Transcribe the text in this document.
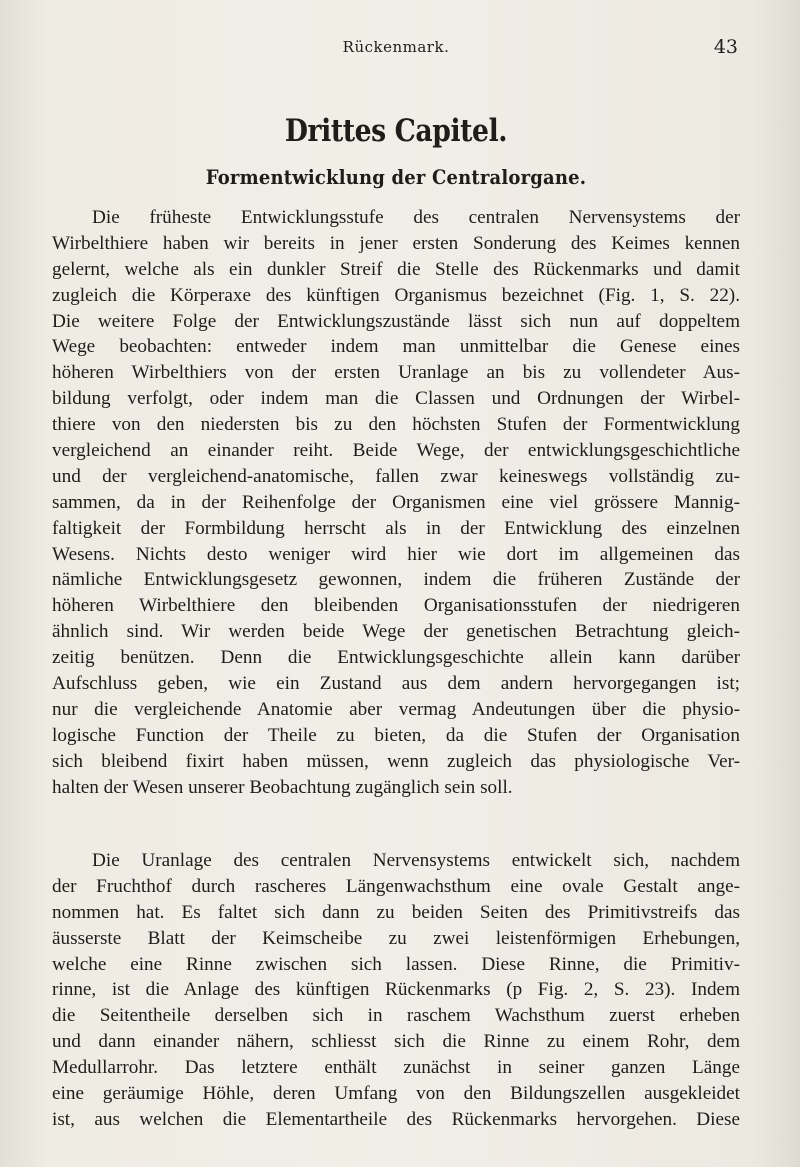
Rückenmark.	43
Drittes Capitel.
Formentwicklung der Centralorgane.
Die früheste Entwicklungsstufe des centralen Nervensystems der
Wirbelthiere haben wir bereits in jener ersten Sonderung des Keimes kennen
gelernt, welche als ein dunkler Streif die Stelle des Rückenmarks und damit
zugleich die Körperaxe des künftigen Organismus bezeichnet (Fig. 1, S. 22).
Die weitere Folge der Entwicklungszustände lässt sich nun auf doppeltem
Wege beobachten: entweder indem man unmittelbar die Genese eines
höheren Wirbelthiers von der ersten Uranlage an bis zu vollendeter Aus-
bildung verfolgt, oder indem man die Classen und Ordnungen der Wirbel-
thiere von den niedersten bis zu den höchsten Stufen der Formentwicklung
vergleichend an einander reiht. Beide Wege, der entwicklungsgeschichtliche
und der vergleichend-anatomische, fallen zwar keineswegs vollständig zu-
sammen, da in der Reihenfolge der Organismen eine viel grössere Mannig-
faltigkeit der Formbildung herrscht als in der Entwicklung des einzelnen
Wesens. Nichts desto weniger wird hier wie dort im allgemeinen das
nämliche Entwicklungsgesetz gewonnen, indem die früheren Zustände der
höheren Wirbelthiere den bleibenden Organisationsstufen der niedrigeren
ähnlich sind. Wir werden beide Wege der genetischen Betrachtung gleich-
zeitig benützen. Denn die Entwicklungsgeschichte allein kann darüber
Aufschluss geben, wie ein Zustand aus dem andern hervorgegangen ist;
nur die vergleichende Anatomie aber vermag Andeutungen über die physio-
logische Function der Theile zu bieten, da die Stufen der Organisation
sich bleibend fixirt haben müssen, wenn zugleich das physiologische Ver-
halten der Wesen unserer Beobachtung zugänglich sein soll.
Die Uranlage des centralen Nervensystems entwickelt sich, nachdem
der Fruchthof durch rascheres Längenwachsthum eine ovale Gestalt ange-
nommen hat. Es faltet sich dann zu beiden Seiten des Primitivstreifs das
äusserste Blatt der Keimscheibe zu zwei leistenförmigen Erhebungen,
welche eine Rinne zwischen sich lassen. Diese Rinne, die Primitiv-
rinne, ist die Anlage des künftigen Rückenmarks (p Fig. 2, S. 23). Indem
die Seitentheile derselben sich in raschem Wachsthum zuerst erheben
und dann einander nähern, schliesst sich die Rinne zu einem Rohr, dem
Medullarrohr. Das letztere enthält zunächst in seiner ganzen Länge
eine geräumige Höhle, deren Umfang von den Bildungszellen ausgekleidet
ist, aus welchen die Elementartheile des Rückenmarks hervorgehen. Diese
